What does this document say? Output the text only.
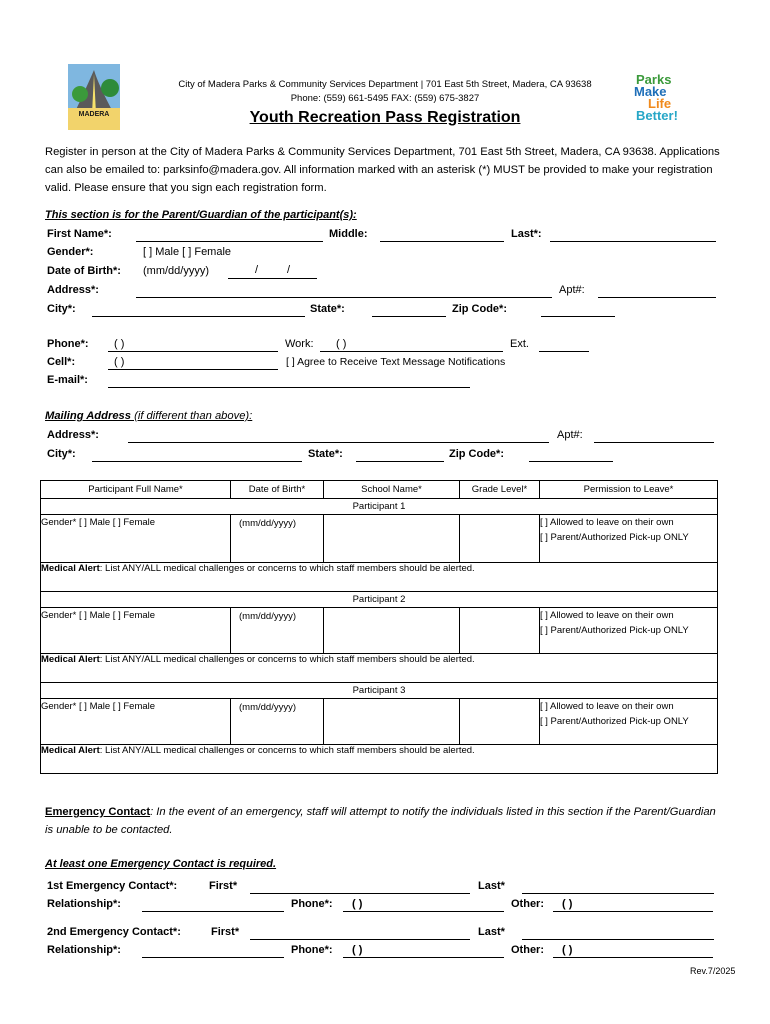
MADERA
City of Madera Parks & Community Services Department | 701 East 5th Street, Madera, CA 93638
Phone: (559) 661-5495 FAX: (559) 675-3827
Parks
Make
Life
Better!
Youth Recreation Pass Registration
Register in person at the City of Madera Parks & Community Services Department, 701 East 5th Street, Madera, CA 93638. Applications can also be emailed to: parksinfo@madera.gov. All information marked with an asterisk (*) MUST be provided to make your registration valid. Please ensure that you sign each registration form.
This section is for the Parent/Guardian of the participant(s):
First Name*:	Middle:	Last*:
Gender*:	[ ] Male [ ] Female
Date of Birth*: (mm/dd/yyyy)	/	/
Address*:	Apt#:
City*:	State*:	Zip Code*:
Phone*: ( )	Work: ( )	Ext.
Cell*:	( )	[ ] Agree to Receive Text Message Notifications
E-mail*:
Mailing Address (if different than above):
Address*:	Apt#:
City*:	State*:	Zip Code*:
Participant Full Name*	Date of Birth*	School Name*	Grade Level*	Permission to Leave*
Participant 1				

Gender* [ ] Male [ ] Female	(mm/dd/yyyy)			[ ] Allowed to leave on their own
[ ] Parent/Authorized Pick-up ONLY

Medical Alert: List ANY/ALL medical challenges or concerns to which staff members should be alerted.				
Participant 2				

Gender* [ ] Male [ ] Female	(mm/dd/yyyy)			[ ] Allowed to leave on their own
[ ] Parent/Authorized Pick-up ONLY

Medical Alert: List ANY/ALL medical challenges or concerns to which staff members should be alerted.				
Participant 3				

Gender* [ ] Male [ ] Female	(mm/dd/yyyy)			[ ] Allowed to leave on their own
[ ] Parent/Authorized Pick-up ONLY

Medical Alert: List ANY/ALL medical challenges or concerns to which staff members should be alerted.				
Emergency Contact: In the event of an emergency, staff will attempt to notify the individuals listed in this section if the Parent/Guardian is unable to be contacted.
At least one Emergency Contact is required.
1st Emergency Contact*:	First*	Last*
Relationship*:	Phone*: ( )	Other: ( )
2nd Emergency Contact*:	First*	Last*
Relationship*:	Phone*: ( )	Other: ( )
Rev.7/2025
